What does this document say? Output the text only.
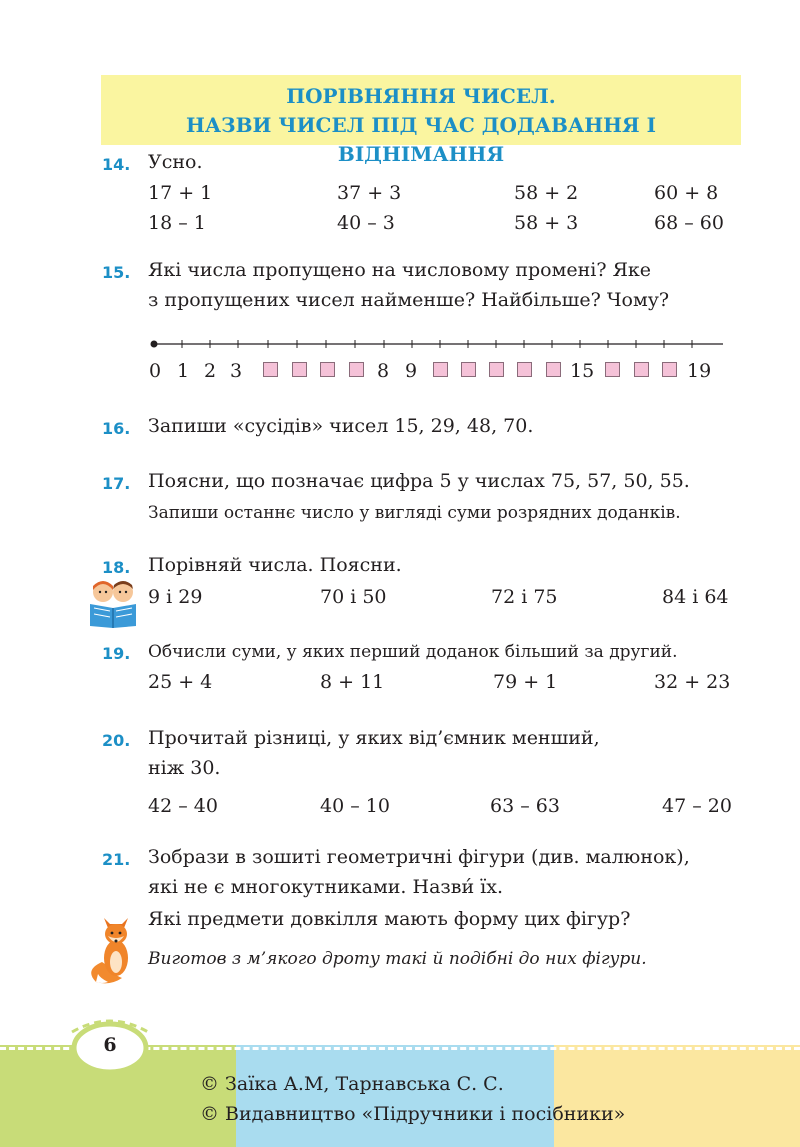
ПОРІВНЯННЯ ЧИСЕЛ.
НАЗВИ ЧИСЕЛ ПІД ЧАС ДОДАВАННЯ І ВІДНІМАННЯ
14. Усно.
17 + 1	37 + 3	58 + 2	60 + 8
18 – 1	40 – 3	58 + 3	68 – 60
15. Які числа пропущено на числовому промені? Яке
з пропущених чисел найменше? Найбільше? Чому?
0 1 2 3	8 9	15	19
16. Запиши «сусідів» чисел 15, 29, 48, 70.
17. Поясни, що позначає цифра 5 у числах 75, 57, 50, 55.
Запиши останнє число у вигляді суми розрядних доданків.
18. Порівняй числа. Поясни.
9 і 29	70 і 50	72 і 75	84 і 64
19.	Обчисли суми, у яких перший доданок більший за другий.
25 + 4	8 + 11	79 + 1	32 + 23
20. Прочитай різниці, у яких від’ємник менший,
ніж 30.
42 – 40	40 – 10	63 – 63	47 – 20
21. Зобрази в зошиті геометричні фігури (див. малюнок),
які не є многокутниками. Назви́ їх.
Які предмети довкілля мають форму цих фігур?
Виготов з м’якого дроту такі й подібні до них фігури.
6
© Заїка А.М, Тарнавська С. С.
© Видавництво «Підручники і посібники»
